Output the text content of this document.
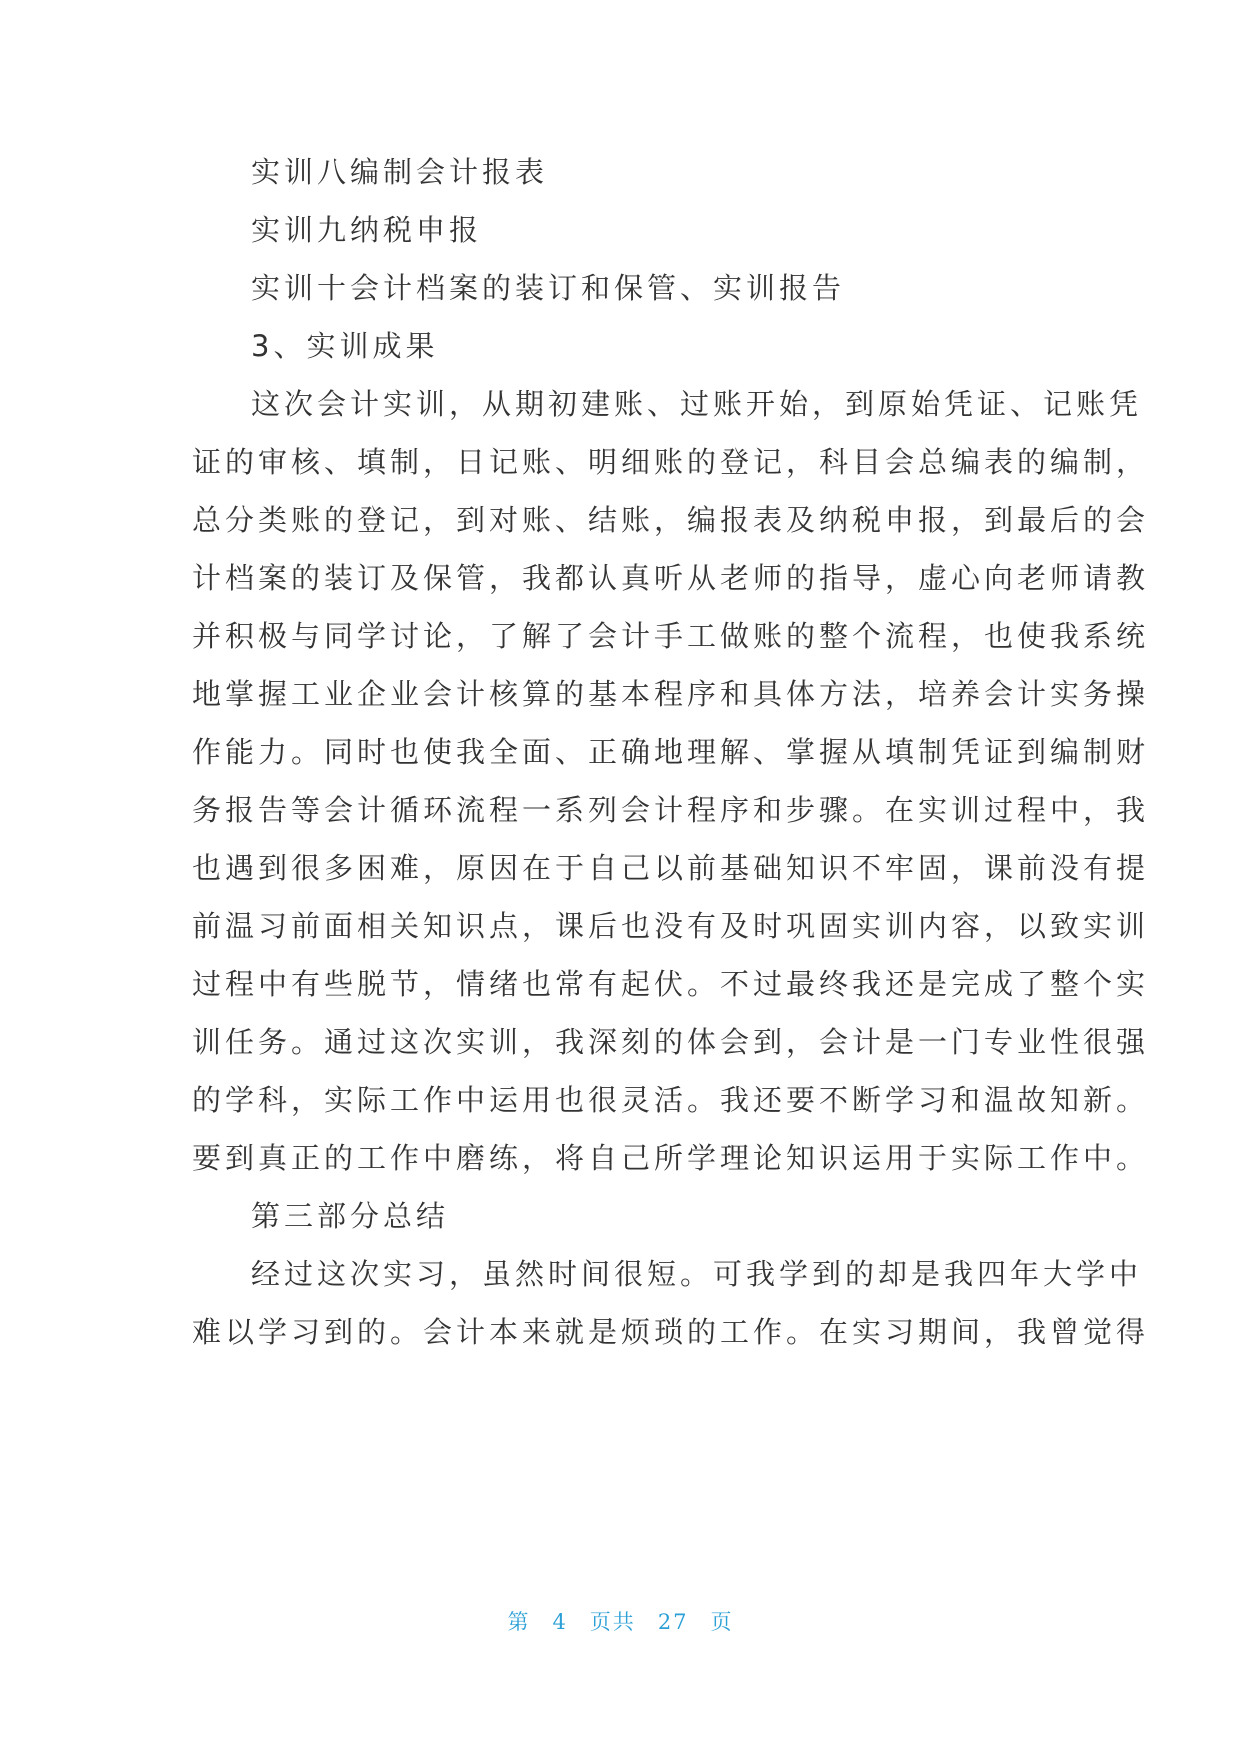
实训八编制会计报表
实训九纳税申报
实训十会计档案的装订和保管、实训报告
3、实训成果
这次会计实训，从期初建账、过账开始，到原始凭证、记账凭
证的审核、填制，日记账、明细账的登记，科目会总编表的编制，
总分类账的登记，到对账、结账，编报表及纳税申报，到最后的会
计档案的装订及保管，我都认真听从老师的指导，虚心向老师请教
并积极与同学讨论，了解了会计手工做账的整个流程，也使我系统
地掌握工业企业会计核算的基本程序和具体方法，培养会计实务操
作能力。同时也使我全面、正确地理解、掌握从填制凭证到编制财
务报告等会计循环流程一系列会计程序和步骤。在实训过程中，我
也遇到很多困难，原因在于自己以前基础知识不牢固，课前没有提
前温习前面相关知识点，课后也没有及时巩固实训内容，以致实训
过程中有些脱节，情绪也常有起伏。不过最终我还是完成了整个实
训任务。通过这次实训，我深刻的体会到，会计是一门专业性很强
的学科，实际工作中运用也很灵活。我还要不断学习和温故知新。
要到真正的工作中磨练，将自己所学理论知识运用于实际工作中。
第三部分总结
经过这次实习，虽然时间很短。可我学到的却是我四年大学中
难以学习到的。会计本来就是烦琐的工作。在实习期间，我曾觉得
第 4 页共 27 页
